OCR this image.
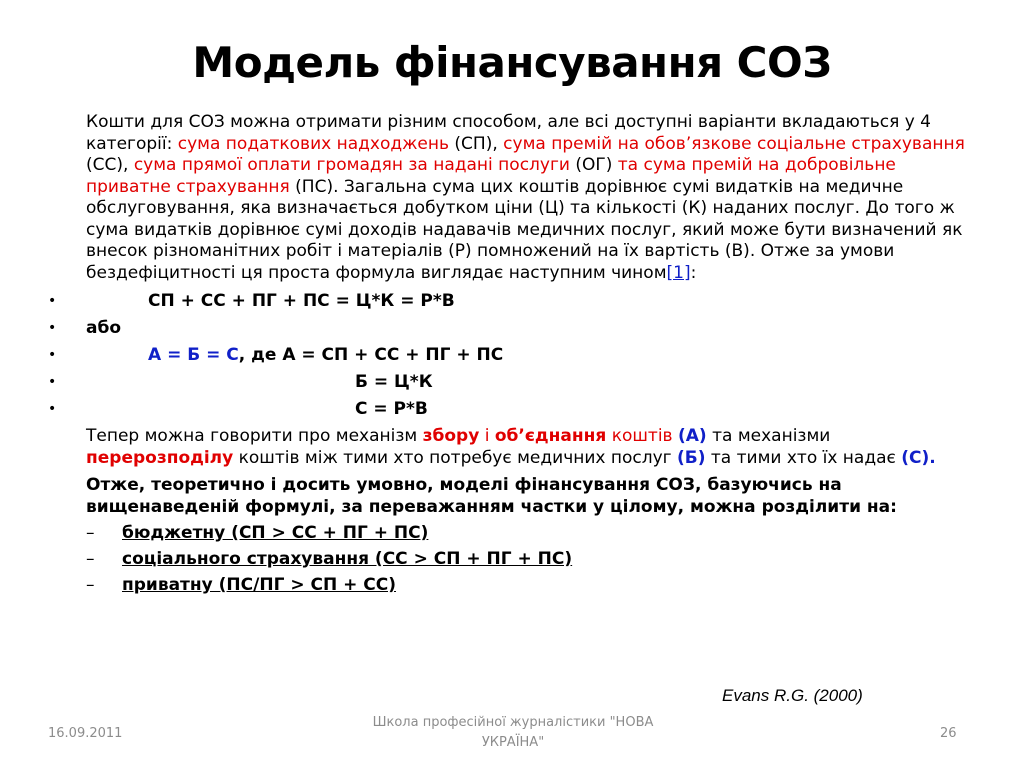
Модель фінансування СОЗ

Кошти для СОЗ можна отримати різним способом, але всі доступні варіанти вкладаються у 4 категорії: сума податкових надходжень (СП), сума премій на обов’язкове соціальне страхування (СС), сума прямої оплати громадян за надані послуги (ОГ) та сума премій на добровільне приватне страхування (ПС). Загальна сума цих коштів дорівнює сумі видатків на медичне обслуговування, яка визначається добутком ціни (Ц) та кількості (К) наданих послуг. До того ж сума видатків дорівнює сумі доходів надавачів медичних послуг, який може бути визначений як внесок різноманітних робіт і матеріалів (Р) помножений на їх вартість (В). Отже за умови бездефіцитності ця проста формула виглядає наступним чином[1]:

•	СП + СС + ПГ + ПС = Ц*К = Р*В
• або
•	А = Б = С, де А = СП + СС + ПГ + ПС
•	Б = Ц*К
•	С = Р*В

Тепер можна говорити про механізм збору і об’єднання коштів (А) та механізми перерозподілу коштів між тими хто потребує медичних послуг (Б) та тими хто їх надає (С).

Отже, теоретично і досить умовно, моделі фінансування СОЗ, базуючись на вищенаведеній формулі, за переважанням частки у цілому, можна розділити на:

– бюджетну (СП > СС + ПГ + ПС)
– соціального страхування (СС > СП + ПГ + ПС)
– приватну (ПС/ПГ > СП + СС)
Evans R.G. (2000)
16.09.2011
Школа професійної журналістики "НОВА УКРАЇНА"
26
